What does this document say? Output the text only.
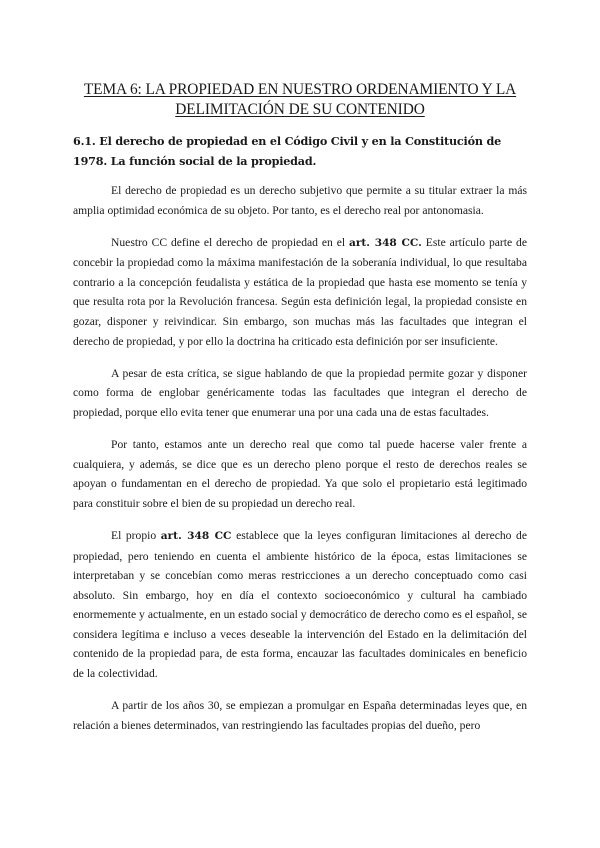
TEMA 6: LA PROPIEDAD EN NUESTRO ORDENAMIENTO Y LA
DELIMITACIÓN DE SU CONTENIDO
6.1. El derecho de propiedad en el Código Civil y en la Constitución de 1978. La función social de la propiedad.

El derecho de propiedad es un derecho subjetivo que permite a su titular extraer la más amplia optimidad económica de su objeto. Por tanto, es el derecho real por antonomasia.

Nuestro CC define el derecho de propiedad en el art. 348 CC. Este artículo parte de concebir la propiedad como la máxima manifestación de la soberanía individual, lo que resultaba contrario a la concepción feudalista y estática de la propiedad que hasta ese momento se tenía y que resulta rota por la Revolución francesa. Según esta definición legal, la propiedad consiste en gozar, disponer y reivindicar. Sin embargo, son muchas más las facultades que integran el derecho de propiedad, y por ello la doctrina ha criticado esta definición por ser insuficiente.

A pesar de esta crítica, se sigue hablando de que la propiedad permite gozar y disponer como forma de englobar genéricamente todas las facultades que integran el derecho de propiedad, porque ello evita tener que enumerar una por una cada una de estas facultades.

Por tanto, estamos ante un derecho real que como tal puede hacerse valer frente a cualquiera, y además, se dice que es un derecho pleno porque el resto de derechos reales se apoyan o fundamentan en el derecho de propiedad. Ya que solo el propietario está legitimado para constituir sobre el bien de su propiedad un derecho real.

El propio art. 348 CC establece que la leyes configuran limitaciones al derecho de propiedad, pero teniendo en cuenta el ambiente histórico de la época, estas limitaciones se interpretaban y se concebían como meras restricciones a un derecho conceptuado como casi absoluto. Sin embargo, hoy en día el contexto socioeconómico y cultural ha cambiado enormemente y actualmente, en un estado social y democrático de derecho como es el español, se considera legítima e incluso a veces deseable la intervención del Estado en la delimitación del contenido de la propiedad para, de esta forma, encauzar las facultades dominicales en beneficio de la colectividad.

A partir de los años 30, se empiezan a promulgar en España determinadas leyes que, en relación a bienes determinados, van restringiendo las facultades propias del dueño, pero
